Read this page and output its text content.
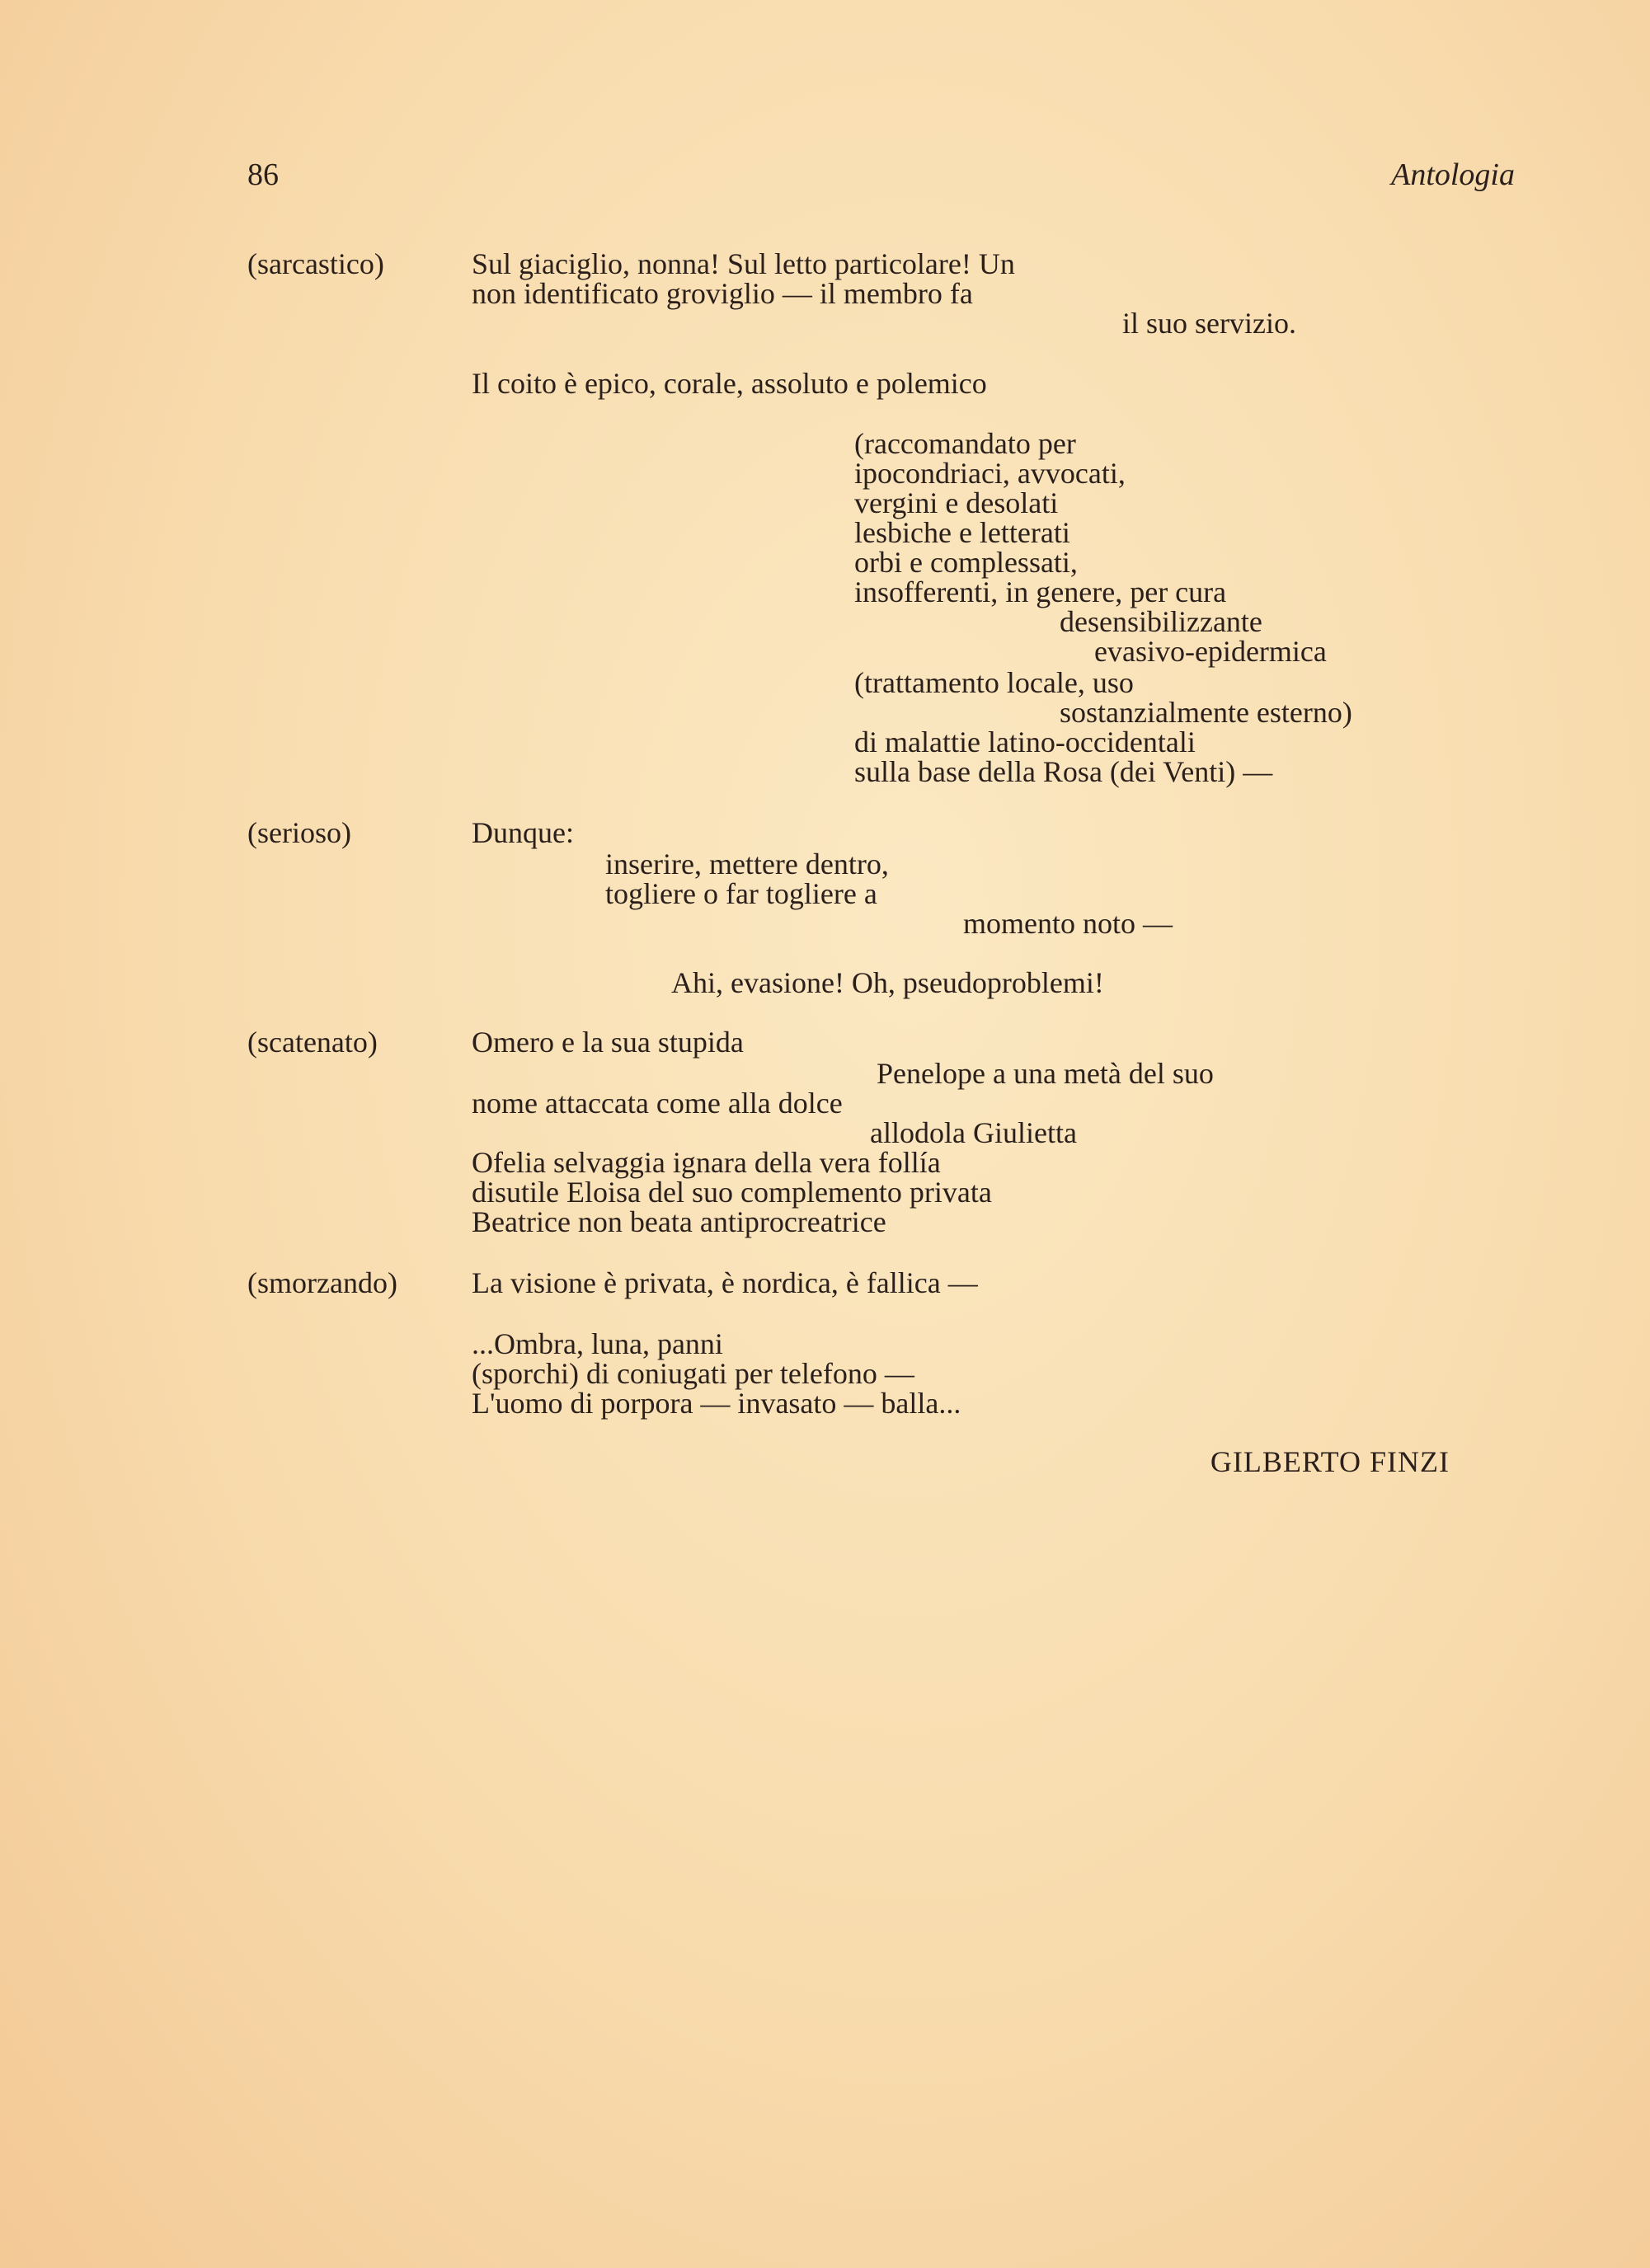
86	Antologia
(sarcastico)	Sul giaciglio, nonna! Sul letto particolare! Un
non identificato groviglio — il membro fa
il suo servizio.
Il coito è epico, corale, assoluto e polemico
(raccomandato per
ipocondriaci, avvocati,
vergini e desolati
lesbiche e letterati
orbi e complessati,
insofferenti, in genere, per cura
desensibilizzante
evasivo-epidermica
(trattamento locale, uso
sostanzialmente esterno)
di malattie latino-occidentali
sulla base della Rosa (dei Venti) —
(serioso)	Dunque:
inserire, mettere dentro,
togliere o far togliere a
momento noto —
Ahi, evasione! Oh, pseudoproblemi!
(scatenato)	Omero e la sua stupida
Penelope a una metà del suo
nome attaccata come alla dolce
allodola Giulietta
Ofelia selvaggia ignara della vera follía
disutile Eloisa del suo complemento privata
Beatrice non beata antiprocreatrice
(smorzando)	La visione è privata, è nordica, è fallica —
...Ombra, luna, panni
(sporchi) di coniugati per telefono —
L'uomo di porpora — invasato — balla...
GILBERTO FINZI
